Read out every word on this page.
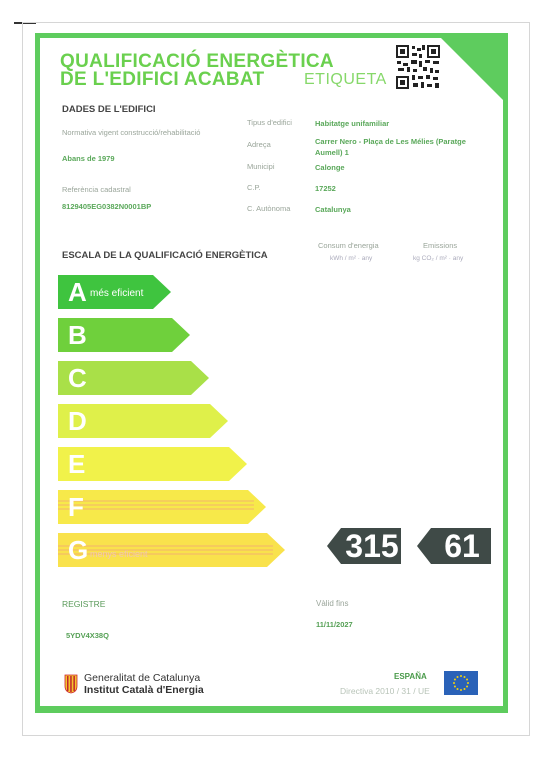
QUALIFICACIÓ ENERGÈTICA
DE L'EDIFICI ACABAT ETIQUETA
DADES DE L'EDIFICI
Normativa vigent construcció/rehabilitació
Abans de 1979
Referència cadastral
8129405EG0382N0001BP
Tipus d'edifici	Habitatge unifamiliar
Adreça	Carrer Nero - Plaça de Les Mélies (Paratge Aumell) 1
Municipi	Calonge
C.P.	17252
C. Autònoma	Catalunya
ESCALA DE LA QUALIFICACIÓ ENERGÈTICA
Consum d'energia
kWh / m² · any
Emissions
kg CO₂ / m² · any
A més eficient
B
C
D
E
F
G menys eficient	315	61
REGISTRE
5YDV4X38Q
Vàlid fins
11/11/2027
Generalitat de Catalunya
Institut Català d'Energia
ESPAÑA
Directiva 2010 / 31 / UE
